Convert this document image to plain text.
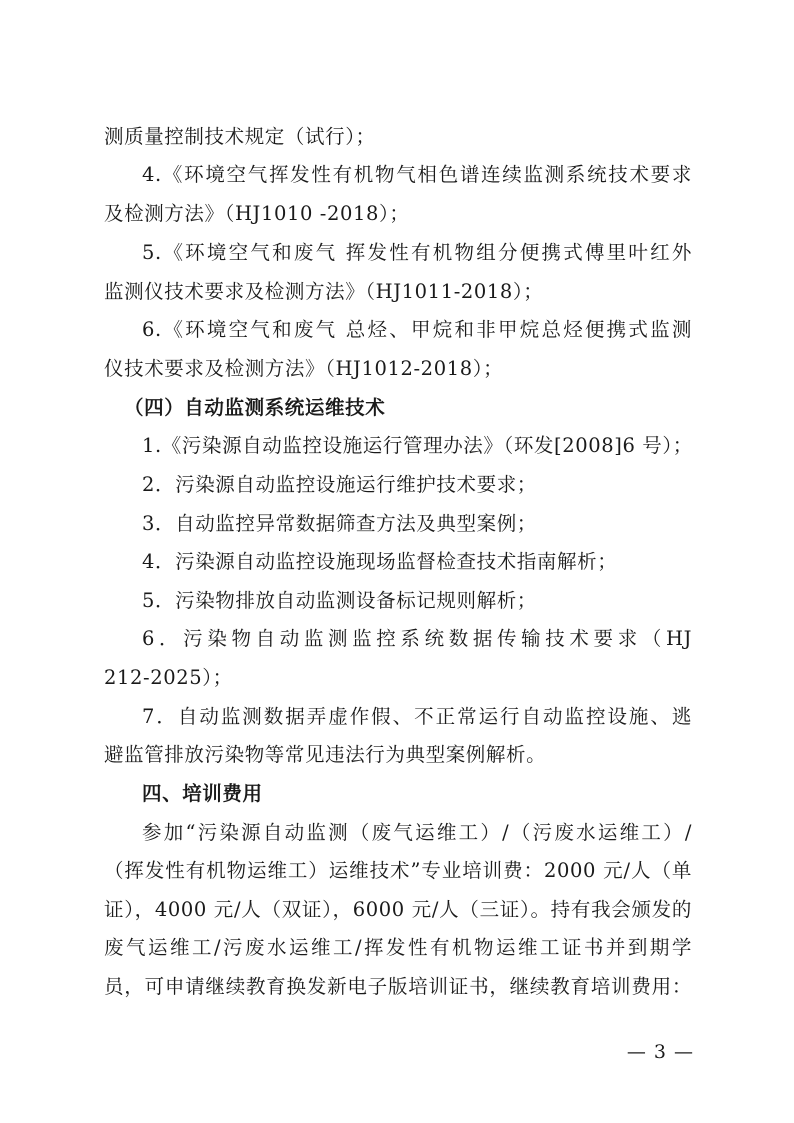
测质量控制技术规定（试行）；
4.《环境空气挥发性有机物气相色谱连续监测系统技术要求
及检测方法》（HJ1010 -2018）；
5.《环境空气和废气 挥发性有机物组分便携式傅里叶红外
监测仪技术要求及检测方法》（HJ1011-2018）；
6.《环境空气和废气 总烃、甲烷和非甲烷总烃便携式监测
仪技术要求及检测方法》（HJ1012-2018）；
（四）自动监测系统运维技术
1.《污染源自动监控设施运行管理办法》（环发[2008]6 号）；
2．污染源自动监控设施运行维护技术要求；
3．自动监控异常数据筛查方法及典型案例；
4．污染源自动监控设施现场监督检查技术指南解析；
5．污染物排放自动监测设备标记规则解析；
6．污染物自动监测监控系统数据传输技术要求（HJ
212-2025）；
7．自动监测数据弄虚作假、不正常运行自动监控设施、逃
避监管排放污染物等常见违法行为典型案例解析。
四、培训费用
参加“污染源自动监测（废气运维工）/（污废水运维工）/
（挥发性有机物运维工）运维技术”专业培训费：2000 元/人（单
证），4000 元/人（双证），6000 元/人（三证）。持有我会颁发的
废气运维工/污废水运维工/挥发性有机物运维工证书并到期学
员，可申请继续教育换发新电子版培训证书，继续教育培训费用：
— 3 —
